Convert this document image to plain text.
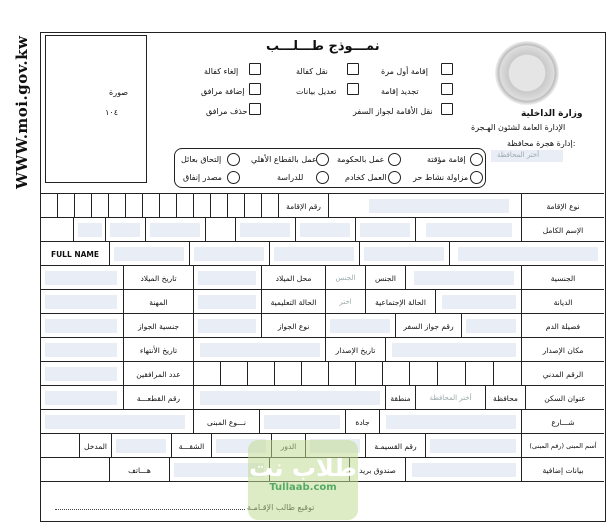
WWW.moi.gov.kw	صورة
١٠٤
نمـــوذج طـــلـــب
إقامة أول مرة
نقل كفالة
إلغاء كفالة
تجديد إقامة
تعديل بيانات
إضافة مرافق
نقل الأقامة لجواز السفر
حذف مرافق	وزارة الداخلية
الإدارة العامة لشئون الهـجرة
إدارة هجرة محافظة:
أختر المحافظة
إقامة مؤقتة
عمل بالحكومة
عمل بالقطاع الأهلي
إلتحاق بعائل
مزاولة نشاط حر
العمل كخادم
للدراسة
مصدر إنفاق
رقم الإقامة	نوع الإقامة
الإسم الكامل
FULL NAME
تاريخ الميلاد	محل الميلاد	الجنس	الجنس	الجنسية
المهنة	الحالة التعليمية	اختر	الحالة الإجتماعية	الديانة
جنسية الجواز	نوع الجواز	رقم جواز السفر	فصيلة الدم
تاريخ الأنتهاء	تاريخ الإصدار	مكان الإصدار
عدد المرافقين	الرقم المدني
رقم القطعـــة	منطقة	أختر المحافظة	محافظة	عنوان السكن
نـــوع المبنى	جادة	شـــارع
المدخل	الشقـــة	رقم القسيمـة	(رقم المبنى) أسم المبنى
هـــاتف	صندوق بريد	بيانات إضافية
طلاب نت
Tullaab.com
